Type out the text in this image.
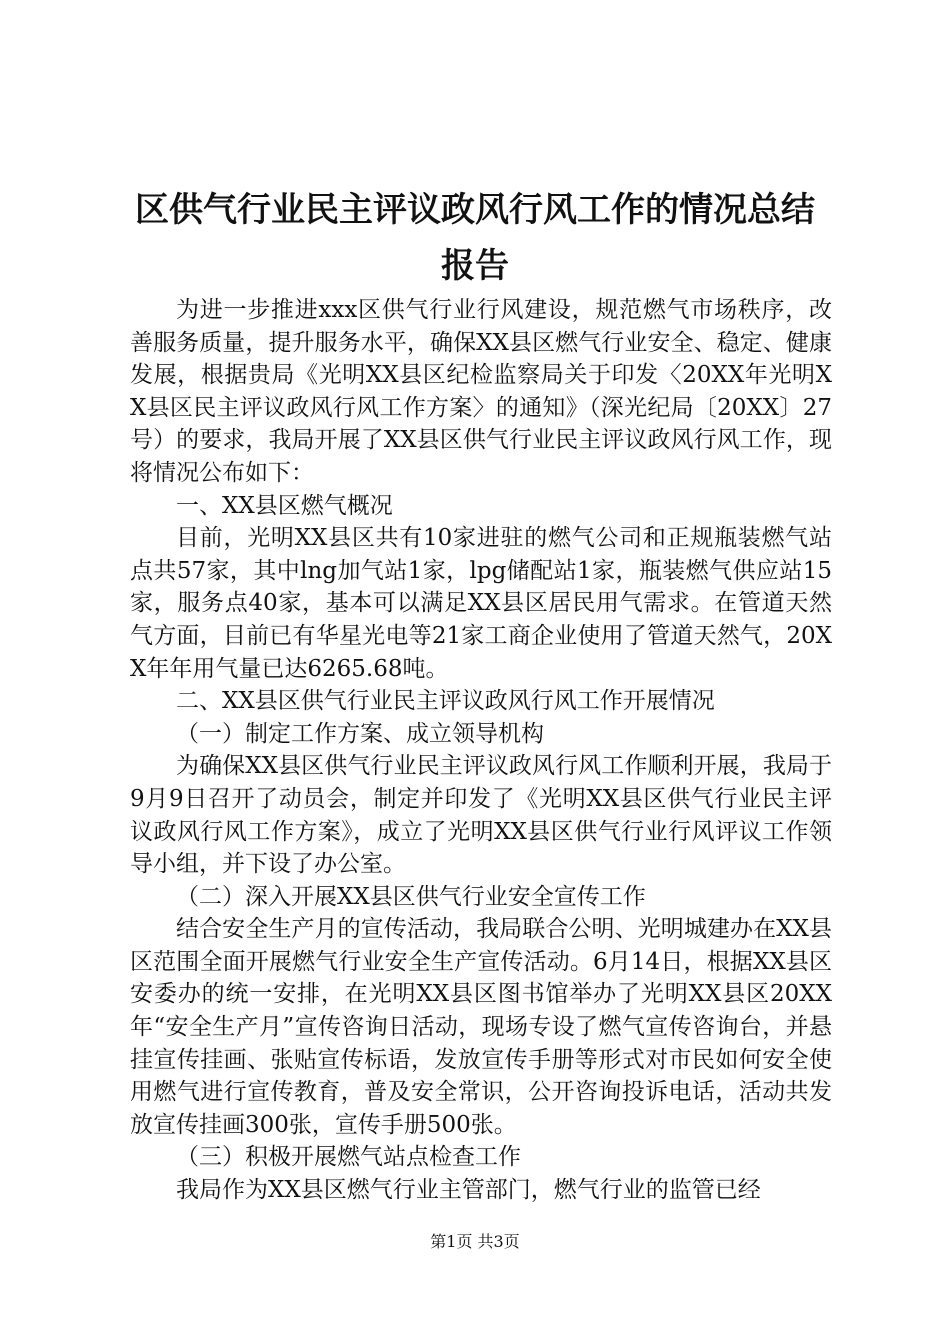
区供气行业民主评议政风行风工作的情况总结
报告

为进一步推进xxx区供气行业行风建设，规范燃气市场秩序，改善服务质量，提升服务水平，确保XX县区燃气行业安全、稳定、健康发展，根据贵局《光明XX县区纪检监察局关于印发〈20XX年光明XX县区民主评议政风行风工作方案〉的通知》（深光纪局〔20XX〕27号）的要求，我局开展了XX县区供气行业民主评议政风行风工作，现将情况公布如下：

一、XX县区燃气概况

目前，光明XX县区共有10家进驻的燃气公司和正规瓶装燃气站点共57家，其中lng加气站1家，lpg储配站1家，瓶装燃气供应站15家，服务点40家，基本可以满足XX县区居民用气需求。在管道天然气方面，目前已有华星光电等21家工商企业使用了管道天然气，20XX年年用气量已达6265.68吨。

二、XX县区供气行业民主评议政风行风工作开展情况

（一）制定工作方案、成立领导机构

为确保XX县区供气行业民主评议政风行风工作顺利开展，我局于9月9日召开了动员会，制定并印发了《光明XX县区供气行业民主评议政风行风工作方案》，成立了光明XX县区供气行业行风评议工作领导小组，并下设了办公室。

（二）深入开展XX县区供气行业安全宣传工作

结合安全生产月的宣传活动，我局联合公明、光明城建办在XX县区范围全面开展燃气行业安全生产宣传活动。6月14日，根据XX县区安委办的统一安排，在光明XX县区图书馆举办了光明XX县区20XX年“安全生产月”宣传咨询日活动，现场专设了燃气宣传咨询台，并悬挂宣传挂画、张贴宣传标语，发放宣传手册等形式对市民如何安全使用燃气进行宣传教育，普及安全常识，公开咨询投诉电话，活动共发放宣传挂画300张，宣传手册500张。

（三）积极开展燃气站点检查工作

我局作为XX县区燃气行业主管部门，燃气行业的监管已经

第1页 共3页
